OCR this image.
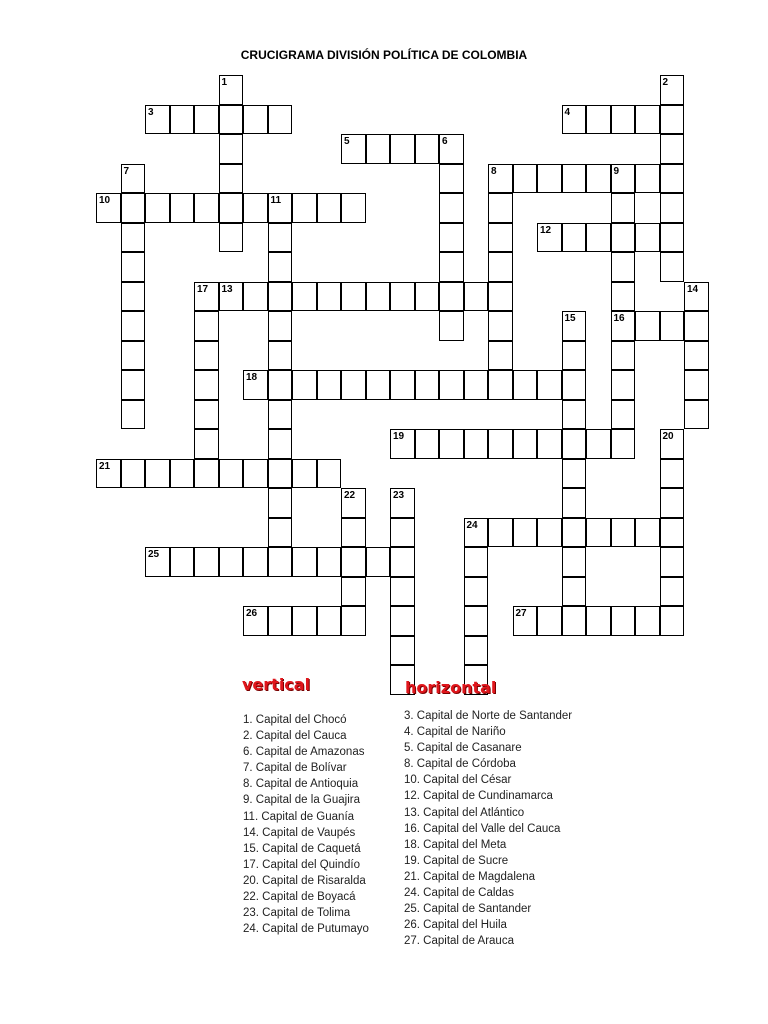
CRUCIGRAMA DIVISIÓN POLÍTICA DE COLOMBIA
1	2
3	4
5	6
7	8	9
16
10	11
12
13	14
15
17
18
19	20
21
22	23
24
25
26	27
vertical	horizontal
1. Capital del Chocó
2. Capital del Cauca
6. Capital de Amazonas
7. Capital de Bolívar
8. Capital de Antioquia
9. Capital de la Guajira
11. Capital de Guanía
14. Capital de Vaupés
15. Capital de Caquetá
17. Capital del Quindío
20. Capital de Risaralda
22. Capital de Boyacá
23. Capital de Tolima
24. Capital de Putumayo
3. Capital de Norte de Santander
4. Capital de Nariño
5. Capital de Casanare
8. Capital de Córdoba
10. Capital del César
12. Capital de Cundinamarca
13. Capital del Atlántico
16. Capital del Valle del Cauca
18. Capital del Meta
19. Capital de Sucre
21. Capital de Magdalena
24. Capital de Caldas
25. Capital de Santander
26. Capital del Huila
27. Capital de Arauca
